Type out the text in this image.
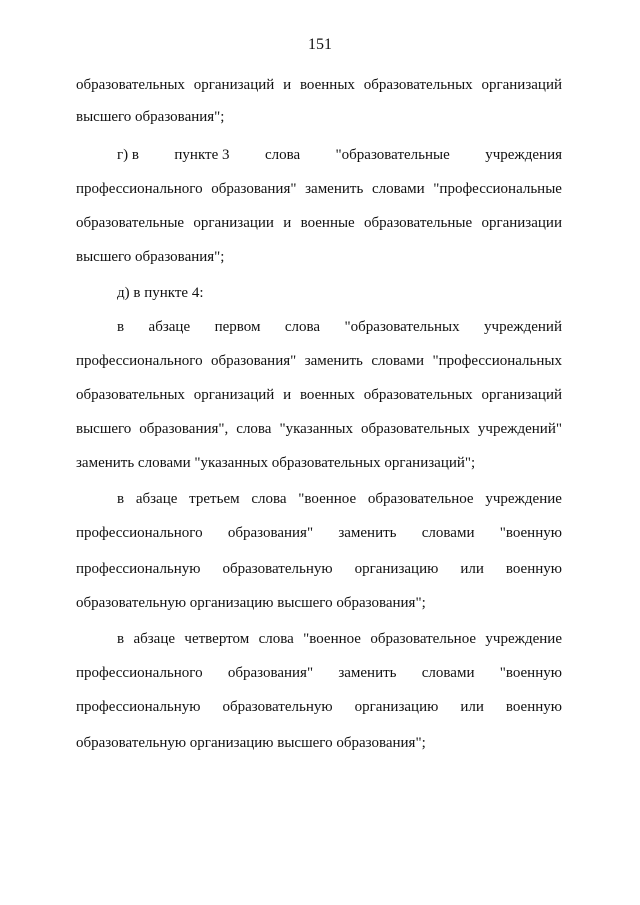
151
образовательных организаций и военных образовательных организаций
высшего образования";
г) в пункте 3 слова "образовательные учреждения
профессионального образования" заменить словами "профессиональные
образовательные организации и военные образовательные организации
высшего образования";
д) в пункте 4:
в абзаце первом слова "образовательных учреждений
профессионального образования" заменить словами "профессиональных
образовательных организаций и военных образовательных организаций
высшего образования", слова "указанных образовательных учреждений"
заменить словами "указанных образовательных организаций";
в абзаце третьем слова "военное образовательное учреждение
профессионального образования" заменить словами "военную
профессиональную образовательную организацию или военную
образовательную организацию высшего образования";
в абзаце четвертом слова "военное образовательное учреждение
профессионального образования" заменить словами "военную
профессиональную образовательную организацию или военную
образовательную организацию высшего образования";
